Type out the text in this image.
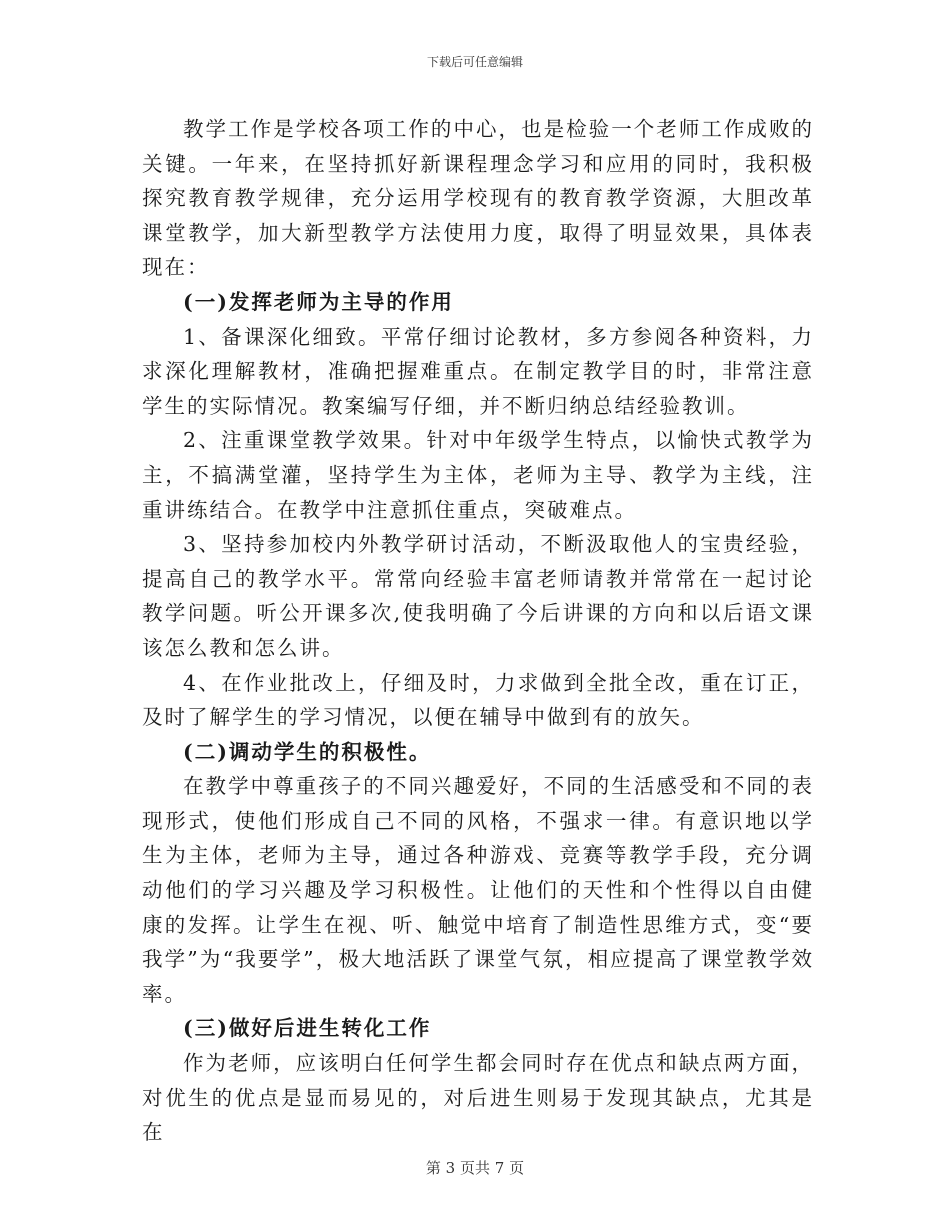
下载后可任意编辑

教学工作是学校各项工作的中心，也是检验一个老师工作成败的关键。一年来，在坚持抓好新课程理念学习和应用的同时，我积极探究教育教学规律，充分运用学校现有的教育教学资源，大胆改革课堂教学，加大新型教学方法使用力度，取得了明显效果，具体表现在：

(一)发挥老师为主导的作用

1、备课深化细致。平常仔细讨论教材，多方参阅各种资料，力求深化理解教材，准确把握难重点。在制定教学目的时，非常注意学生的实际情况。教案编写仔细，并不断归纳总结经验教训。

2、注重课堂教学效果。针对中年级学生特点，以愉快式教学为主，不搞满堂灌，坚持学生为主体，老师为主导、教学为主线，注重讲练结合。在教学中注意抓住重点，突破难点。

3、坚持参加校内外教学研讨活动，不断汲取他人的宝贵经验，提高自己的教学水平。常常向经验丰富老师请教并常常在一起讨论教学问题。听公开课多次,使我明确了今后讲课的方向和以后语文课该怎么教和怎么讲。

4、在作业批改上，仔细及时，力求做到全批全改，重在订正，及时了解学生的学习情况，以便在辅导中做到有的放矢。

(二)调动学生的积极性。

在教学中尊重孩子的不同兴趣爱好，不同的生活感受和不同的表现形式，使他们形成自己不同的风格，不强求一律。有意识地以学生为主体，老师为主导，通过各种游戏、竞赛等教学手段，充分调动他们的学习兴趣及学习积极性。让他们的天性和个性得以自由健康的发挥。让学生在视、听、触觉中培育了制造性思维方式，变“要我学”为“我要学”，极大地活跃了课堂气氛，相应提高了课堂教学效率。

(三)做好后进生转化工作

作为老师，应该明白任何学生都会同时存在优点和缺点两方面，对优生的优点是显而易见的，对后进生则易于发现其缺点，尤其是在

第 3 页共 7 页
